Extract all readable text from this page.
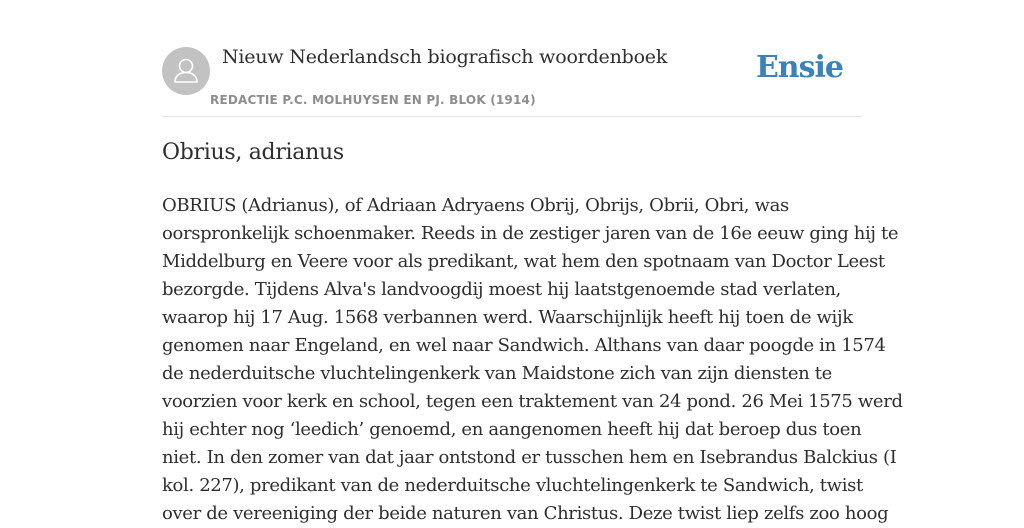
Nieuw Nederlandsch biografisch woordenboek
REDACTIE P.C. MOLHUYSEN EN PJ. BLOK (1914)
Ensie
Obrius, adrianus
OBRIUS (Adrianus), of Adriaan Adryaens Obrij, Obrijs, Obrii, Obri, was
oorspronkelijk schoenmaker. Reeds in de zestiger jaren van de 16e eeuw ging hij te
Middelburg en Veere voor als predikant, wat hem den spotnaam van Doctor Leest
bezorgde. Tijdens Alva's landvoogdij moest hij laatstgenoemde stad verlaten,
waarop hij 17 Aug. 1568 verbannen werd. Waarschijnlijk heeft hij toen de wijk
genomen naar Engeland, en wel naar Sandwich. Althans van daar poogde in 1574
de nederduitsche vluchtelingenkerk van Maidstone zich van zijn diensten te
voorzien voor kerk en school, tegen een traktement van 24 pond. 26 Mei 1575 werd
hij echter nog ‘leedich’ genoemd, en aangenomen heeft hij dat beroep dus toen
niet. In den zomer van dat jaar ontstond er tusschen hem en Isebrandus Balckius (I
kol. 227), predikant van de nederduitsche vluchtelingenkerk te Sandwich, twist
over de vereeniging der beide naturen van Christus. Deze twist liep zelfs zoo hoog
